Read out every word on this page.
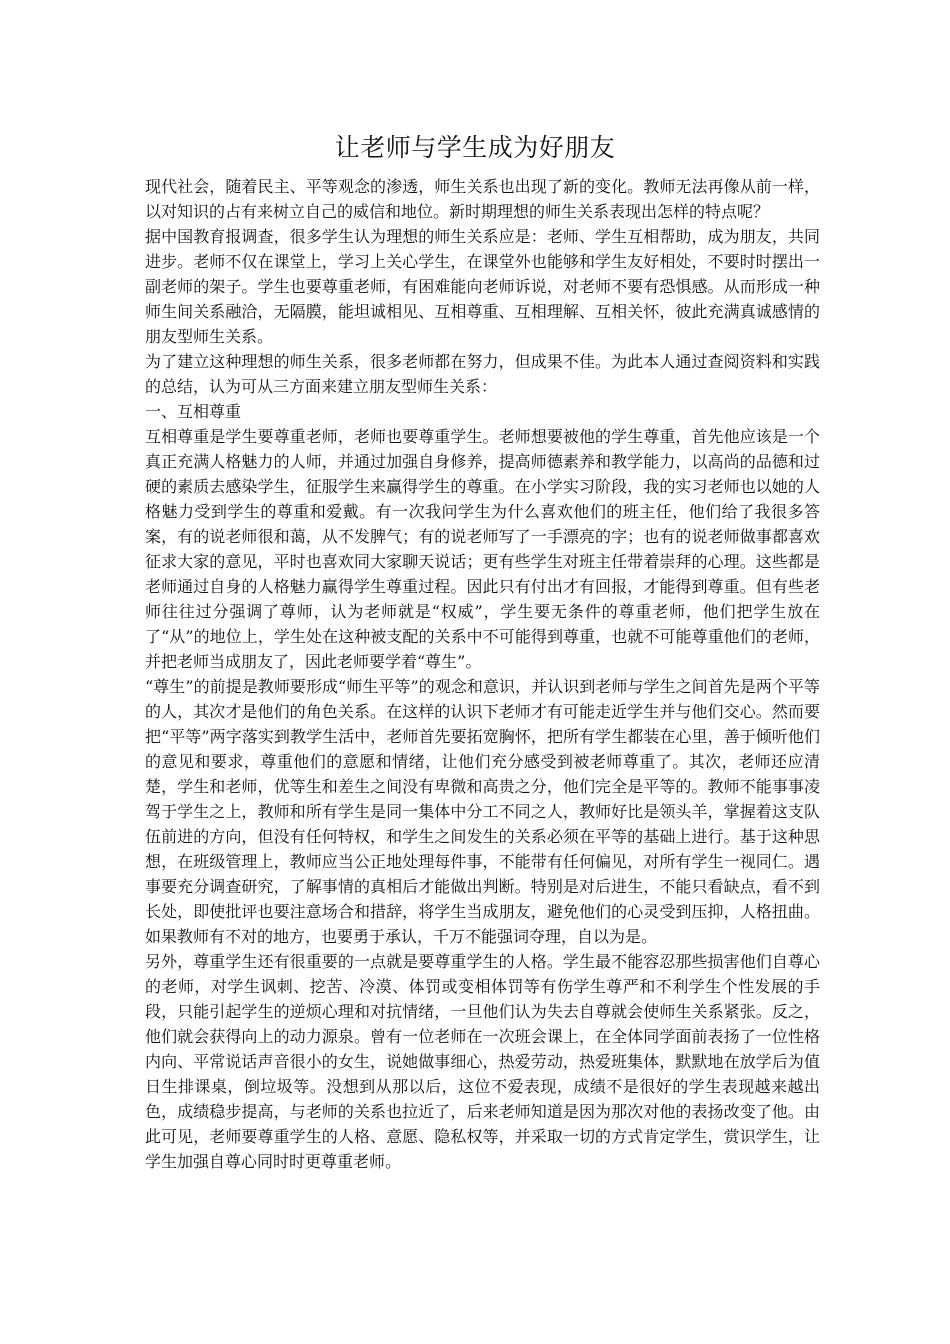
让老师与学生成为好朋友

现代社会，随着民主、平等观念的渗透，师生关系也出现了新的变化。教师无法再像从前一样，以对知识的占有来树立自己的威信和地位。新时期理想的师生关系表现出怎样的特点呢？

据中国教育报调查，很多学生认为理想的师生关系应是：老师、学生互相帮助，成为朋友，共同进步。老师不仅在课堂上，学习上关心学生，在课堂外也能够和学生友好相处，不要时时摆出一副老师的架子。学生也要尊重老师，有困难能向老师诉说，对老师不要有恐惧感。从而形成一种师生间关系融洽，无隔膜，能坦诚相见、互相尊重、互相理解、互相关怀，彼此充满真诚感情的朋友型师生关系。

为了建立这种理想的师生关系，很多老师都在努力，但成果不佳。为此本人通过查阅资料和实践的总结，认为可从三方面来建立朋友型师生关系：

一、互相尊重

互相尊重是学生要尊重老师，老师也要尊重学生。老师想要被他的学生尊重，首先他应该是一个真正充满人格魅力的人师，并通过加强自身修养，提高师德素养和教学能力，以高尚的品德和过硬的素质去感染学生，征服学生来赢得学生的尊重。在小学实习阶段，我的实习老师也以她的人格魅力受到学生的尊重和爱戴。有一次我问学生为什么喜欢他们的班主任，他们给了我很多答案，有的说老师很和蔼，从不发脾气；有的说老师写了一手漂亮的字；也有的说老师做事都喜欢征求大家的意见，平时也喜欢同大家聊天说话；更有些学生对班主任带着崇拜的心理。这些都是老师通过自身的人格魅力赢得学生尊重过程。因此只有付出才有回报，才能得到尊重。但有些老师往往过分强调了尊师，认为老师就是“权威”，学生要无条件的尊重老师，他们把学生放在了“从”的地位上，学生处在这种被支配的关系中不可能得到尊重，也就不可能尊重他们的老师，并把老师当成朋友了，因此老师要学着“尊生”。

“尊生”的前提是教师要形成“师生平等”的观念和意识，并认识到老师与学生之间首先是两个平等的人，其次才是他们的角色关系。在这样的认识下老师才有可能走近学生并与他们交心。然而要把“平等”两字落实到教学生活中，老师首先要拓宽胸怀，把所有学生都装在心里，善于倾听他们的意见和要求，尊重他们的意愿和情绪，让他们充分感受到被老师尊重了。其次，老师还应清楚，学生和老师，优等生和差生之间没有卑微和高贵之分，他们完全是平等的。教师不能事事凌驾于学生之上，教师和所有学生是同一集体中分工不同之人，教师好比是领头羊，掌握着这支队伍前进的方向，但没有任何特权，和学生之间发生的关系必须在平等的基础上进行。基于这种思想，在班级管理上，教师应当公正地处理每件事，不能带有任何偏见，对所有学生一视同仁。遇事要充分调查研究，了解事情的真相后才能做出判断。特别是对后进生，不能只看缺点，看不到长处，即使批评也要注意场合和措辞，将学生当成朋友，避免他们的心灵受到压抑，人格扭曲。如果教师有不对的地方，也要勇于承认，千万不能强词夺理，自以为是。

另外，尊重学生还有很重要的一点就是要尊重学生的人格。学生最不能容忍那些损害他们自尊心的老师，对学生讽刺、挖苦、冷漠、体罚或变相体罚等有伤学生尊严和不利学生个性发展的手段，只能引起学生的逆烦心理和对抗情绪，一旦他们认为失去自尊就会使师生关系紧张。反之，他们就会获得向上的动力源泉。曾有一位老师在一次班会课上，在全体同学面前表扬了一位性格内向、平常说话声音很小的女生，说她做事细心，热爱劳动，热爱班集体，默默地在放学后为值日生排课桌，倒垃圾等。没想到从那以后，这位不爱表现，成绩不是很好的学生表现越来越出色，成绩稳步提高，与老师的关系也拉近了，后来老师知道是因为那次对他的表扬改变了他。由此可见，老师要尊重学生的人格、意愿、隐私权等，并采取一切的方式肯定学生，赏识学生，让学生加强自尊心同时时更尊重老师。
